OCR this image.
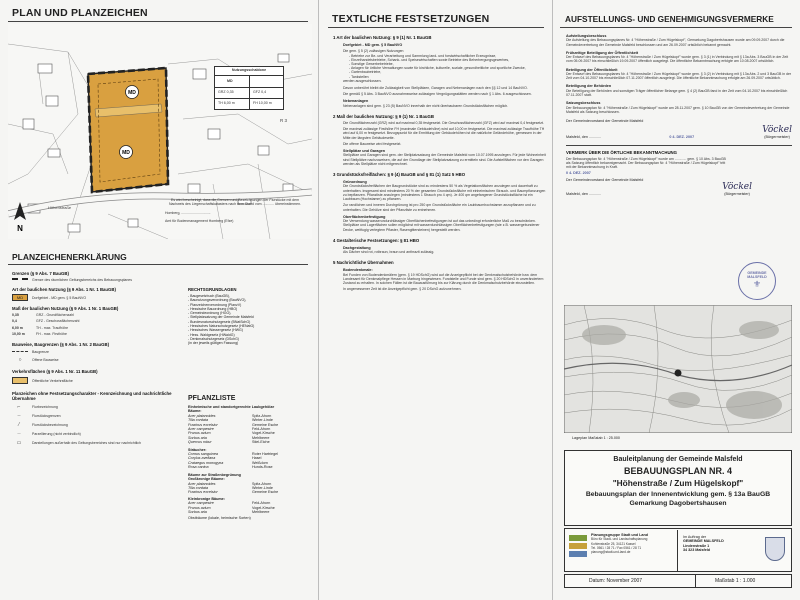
PLAN UND PLANZEICHEN
MD
MD
N
Höhenstraße
R 3
Nutzungsschablone
MD
GRZ 0,35	GFZ 0,4
TH 6,00 m	FH 10,00 m
Es wird bescheinigt, dass die Grenzen und Bezeichnungen der Flurstücke mit dem Nachweis des Liegenschaftskatasters nach dem Stand vom ............ übereinstimmen.
Homberg, ..............................
Amt für Bodenmanagement Homberg (Efze)
PLANZEICHENERKLÄRUNG
Grenzen (§ 9 Abs. 7 BauGB)
Grenze des räumlichen Geltungsbereichs des Bebauungsplanes
Art der baulichen Nutzung (§ 9 Abs. 1 Nr. 1 BauGB)
MD	Dorfgebiet - MD gem. § 5 BauNVO
Maß der baulichen Nutzung (§ 9 Abs. 1 Nr. 1 BauGB)
0,35	GRZ - Grundflächenzahl
0,4	GFZ - Geschossflächenzahl
6,00 m	TH - max. Traufhöhe
10,00 m	FH - max. Firsthöhe
Bauweise, Baugrenzen (§ 9 Abs. 1 Nr. 2 BauGB)
Baugrenze
○	Offene Bauweise
Verkehrsflächen (§ 9 Abs. 1 Nr. 11 BauGB)
Öffentliche Verkehrsfläche
Planzeichen ohne Festsetzungscharakter - Kennzeichnung und nachrichtliche Übernahme
⌐	Flurbezeichnung
┄	Flurstücksgrenzen
⁄	Flurstücksbezeichnung
┈	Parzellierung (nicht verbindlich)
▭	Darstellungen außerhalb des Geltungsbereiches sind nur nachrichtlich
RECHTSGRUNDLAGEN
- Baugesetzbuch (BauGB),
- Baunutzungsverordnung (BauNVO),
- Planzeichenverordnung (PlanzV)
- Hessische Bauordnung (HBO)
- Gemeindeordnung (HGO),
- Stellplatzsatzung der Gemeinde Malsfeld
- Bundesnaturschutzgesetz (BNatSchG)
- Hessisches Naturschutzgesetz (HENatG)
- Hessisches Wassergesetz (HWG)
- Hess. Waldgesetz (HWaldG)
- Denkmalschutzgesetz (DSchG)
(in der jeweils gültigen Fassung)
PFLANZLISTE
Einheimische und standortgerechte Laubgehölze
Bäume:
Acer platanoides	Spitz-Ahorn
Tilia cordata	Winter-Linde
Fraxinus excelsior	Gemeine Esche
Acer campestre	Feld-Ahorn
Prunus avium	Vogel-Kirsche
Sorbus aria	Mehlbeere
Quercus robur	Stiel-Eiche
Sträucher:
Cornus sanguinea	Roter Hartriegel
Corylus avellana	Hasel
Crataegus monogyna	Weißdorn
Rosa canina	Hunds-Rose
Bäume zur Straßenbegrünung
Großkronige Bäume:
Acer platanoides	Spitz-Ahorn
Tilia cordata	Winter-Linde
Fraxinus excelsior	Gemeine Esche
Kleinkronige Bäume:
Acer campestre	Feld-Ahorn
Prunus avium	Vogel-Kirsche
Sorbus aria	Mehlbeere
Obstbäume (lokale, heimische Sorten)
TEXTLICHE FESTSETZUNGEN
1 Art der baulichen Nutzung: § 9 (1) Nr. 1 BauGB
Dorfgebiet - MD gem. § 5 BauNVO
Die gem. § 5 (2) zulässigen Nutzungen
- Betriebe zur Be- und Verarbeitung und Sammlung land- und forstwirtschaftlicher Erzeugnisse,
- Einzelhandelsbetriebe, Schank- und Speisewirtschaften sowie Betriebe des Beherbergungsgewerbes,
- Sonstige Gewerbebetriebe,
- Anlagen für örtliche Verwaltungen sowie für kirchliche, kulturelle, soziale, gesundheitliche und sportliche Zwecke,
- Gartenbaubetriebe,
- Tankstellen
werden ausgeschlossen.
Davon unberührt bleibt die Zulässigkeit von Stellplätzen, Garagen und Nebenanlagen nach den §§ 12 und 14 BauNVO.
Die gemäß § 5 Abs. 3 BauNVO ausnahmsweise zulässigen Vergnügungsstätten werden nach § 1 Abs. 6 ausgeschlossen.
Nebenanlagen
Nebenanlagen sind gem. § 23 (5) BauNVO innerhalb der nicht überbaubaren Grundstücksflächen möglich.
2 Maß der baulichen Nutzung: § 9 (1) Nr. 1 BauGB
Die Grundflächenzahl (GRZ) wird auf maximal 0,35 festgesetzt. Die Geschossflächenzahl (GFZ) wird auf maximal 0,4 festgesetzt.
Die maximal zulässige Firsthöhe FH (maximale Gebäudehöhe) wird auf 10,00 m festgesetzt. Die maximal zulässige Traufhöhe TH wird auf 6,00 m festgesetzt. Bezugspunkt für die Ermittlung der Gebäudehöhen ist die natürliche Geländehöhe, gemessen in der Mitte der längsten Gebäudeseite.
Die offene Bauweise wird festgesetzt.
Stellplätze und Garagen
Stellplätze und Garagen sind gem. der Stellplatzsatzung der Gemeinde Malsfeld vom 10.07.1995 anzulegen. Für jede Wohneinheit sind Stellplätze nachzuweisen, die auf der Grundlage der Stellplatzsatzung zu ermitteln sind. Die Aufstellflächen vor den Garagen werden als Stellplätze nicht mitgerechnet.
3 Grundstücksfreiflächen: § 9 (4) BauGB und § 81 (1) Satz 5 HBO
Grünordnung
Die Grundstücksfreiflächen der Baugrundstücke sind zu mindestens 50 % als Vegetationsflächen anzulegen und dauerhaft zu unterhalten. Insgesamt sind mindestens 20 % der gesamten Grundstücksfläche mit einheimischen Strauch- und Baumpflanzungen zu bepflanzen. Pflanzliste anzulegen (mindestens 1 Strauch pro 4 qm). Je 400 qm angefangener Grundstücksfläche ist ein Laubbaum (Hochstamm) zu pflanzen.
Zur randlichen und inneren Durchgrünung ist pro 250 qm Grundstücksfläche ein Laubbaumhochstamm anzupflanzen und zu unterhalten. Die Gehölze sind der Pflanzliste zu entnehmen.
Oberflächenbefestigung
Die Verwendung wasserundurchlässiger Oberflächenbefestigungen ist auf das unbedingt erforderliche Maß zu beschränken. Stellplätze und Lagerflächen sollen möglichst mit wasserdurchlässigen Oberflächenbefestigungen (wie z.B. wassergebundener Decke, weitfugig verlegtem Pflaster, Rasengittersteinen) hergestellt werden.
4 Gestalterische Festsetzungen: § 81 HBO
Dachgestaltung
Als Dächer sind rot, rotbraun, braun und anthrazit zulässig.
5 Nachrichtliche Übernahmen
Bodendenkmale:
Bei Funden von Bodendenkmälern (gem. § 19 HDSchG) wird auf die Anzeigepflicht bei der Denkmalschutzbehörde bzw. dem Landesamt für Denkmalpflege Hessen in Marburg hingewiesen. Fundstelle und Funde sind gem. § 20 HDSchG in unverändertem Zustand zu erhalten. In solchen Fällen ist die Bauausführung bis zur Klärung durch die Denkmalschutzbehörde einzustellen.
In angemessener Zeit ist die Anzeigepflicht gem. § 20 DSchG aufzunehmen.
AUFSTELLUNGS- UND GENEHMIGUNGSVERMERKE
Aufstellungsbeschluss
Die Aufstellung des Bebauungsplanes Nr. 4 "Höhenstraße / Zum Hügelskopf", Gemarkung Dagobertshausen wurde am 09.09.2007 durch die Gemeindevertretung der Gemeinde Malsfeld beschlossen und am 26.09.2007 ortsüblich bekannt gemacht.
Frühzeitige Beteiligung der Öffentlichkeit
Der Entwurf des Bebauungsplanes Nr. 4 "Höhenstraße / Zum Hügelskopf" wurde gem. § 3 (1) in Verbindung mit § 13a Abs. 3 BauGB in der Zeit vom 05.09.2007 bis einschließlich 19.09.2007 öffentlich ausgelegt. Die öffentliche Bekanntmachung erfolgte am 10.08.2007 ortsüblich.
Beteiligung der Öffentlichkeit
Der Entwurf des Bebauungsplanes Nr. 4 "Höhenstraße / Zum Hügelskopf" wurde gem. § 3 (2) in Verbindung mit § 13a Abs. 2 und 3 BauGB in der Zeit vom 04.10.2007 bis einschließlich 07.11.2007 öffentlich ausgelegt. Die öffentliche Bekanntmachung erfolgte am 26.09.2007 ortsüblich.
Beteiligung der Behörden
Die Beteiligung der Behörden und sonstigen Träger öffentlicher Belange gem. § 4 (2) BauGB fand in der Zeit vom 04.10.2007 bis einschließlich 07.11.2007 statt.
Satzungsbeschluss
Der Bebauungsplan Nr. 4 "Höhenstraße / Zum Hügelskopf" wurde am 28.11.2007 gem. § 10 BauGB von der Gemeindevertretung der Gemeinde Malsfeld als Satzung beschlossen.
Der Gemeindevorstand der Gemeinde Malsfeld
Malsfeld, den ............	0 4. DEZ. 2007
Vöckel
(Bürgermeister)
VERMERK ÜBER DIE ÖRTLICHE BEKANNTMACHUNG
Der Bebauungsplan Nr. 4 "Höhenstraße / Zum Hügelskopf" wurde am ............ gem. § 10 Abs. 3 BauGB als Satzung öffentlich bekanntgemacht. Der Bebauungsplan Nr. 4 "Höhenstraße / Zum Hügelskopf" tritt mit der Bekanntmachung in Kraft.
0 4. DEZ. 2007
Der Gemeindevorstand der Gemeinde Malsfeld
Malsfeld, den ............
Vöckel
(Bürgermeister)
GEMEINDE MALSFELD
⚜
Lageplan Maßstab 1 : 25.000
Bauleitplanung der Gemeinde Malsfeld
BEBAUUNGSPLAN NR. 4
"Höhenstraße / Zum Hügelskopf"
Bebauungsplan der Innenentwicklung gem. § 13a BauGB
Gemarkung Dagobertshausen
Planungsgruppe Stadt und Land
Büro für Stadt- und Landschaftsplanung
Kohlenstraße 25, 34121 Kassel
Tel. 0561 / 28 71 / Fax 0561 / 28 71
planung@stadt-und-land.de
Im Auftrag der
GEMEINDE MALSFELD
Lindenstraße 1
34 323 Malsfeld
Datum: November 2007	Maßstab 1 : 1.000
